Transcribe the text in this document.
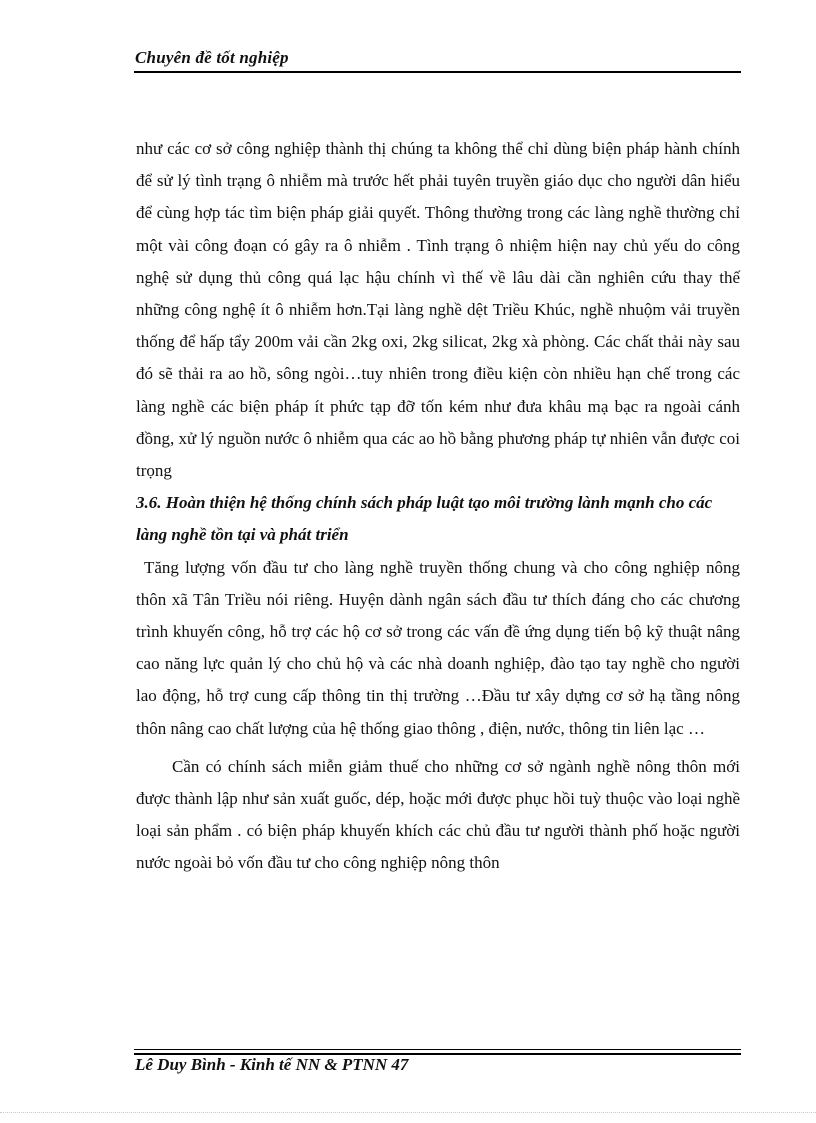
Chuyên đề tốt nghiệp

như các cơ sở công nghiệp thành thị chúng ta không thể chỉ dùng biện pháp hành chính để sử lý tình trạng ô nhiễm mà trước hết phải tuyên truyền giáo dục cho người dân hiểu để cùng hợp tác tìm biện pháp giải quyết. Thông thường trong các làng nghề thường chỉ một vài công đoạn có gây ra ô nhiễm . Tình trạng ô nhiệm hiện nay chủ yếu do công nghệ sử dụng thủ công quá lạc hậu chính vì thế về lâu dài cần nghiên cứu thay thế những công nghệ ít ô nhiễm hơn.Tại làng nghề dệt Triều Khúc, nghề nhuộm vải truyền thống để hấp tẩy 200m vải cần 2kg oxi, 2kg silicat, 2kg xà phòng. Các chất thải này sau đó sẽ thải ra ao hồ, sông ngòi…tuy nhiên trong điều kiện còn nhiều hạn chế trong các làng nghề các biện pháp ít phức tạp đỡ tốn kém như đưa khâu mạ bạc ra ngoài cánh đồng, xử lý nguồn nước ô nhiễm qua các ao hồ bằng phương pháp tự nhiên vẫn được coi trọng

3.6. Hoàn thiện hệ thống chính sách pháp luật tạo môi trường lành mạnh cho các làng nghề tồn tại và phát triển

Tăng lượng vốn đầu tư cho làng nghề truyền thống chung và cho công nghiệp nông thôn xã Tân Triều nói riêng. Huyện dành ngân sách đầu tư thích đáng cho các chương trình khuyến công, hỗ trợ các hộ cơ sở trong các vấn đề ứng dụng tiến bộ kỹ thuật nâng cao năng lực quản lý cho chủ hộ và các nhà doanh nghiệp, đào tạo tay nghề cho người lao động, hỗ trợ cung cấp thông tin thị trường …Đầu tư xây dựng cơ sở hạ tầng nông thôn nâng cao chất lượng của hệ thống giao thông , điện, nước, thông tin liên lạc …

Cần có chính sách miễn giảm thuế cho những cơ sở ngành nghề nông thôn mới được thành lập như sản xuất guốc, dép, hoặc mới được phục hồi tuỳ thuộc vào loại nghề loại sản phẩm . có biện pháp khuyến khích các chủ đầu tư người thành phố hoặc người nước ngoài bỏ vốn đầu tư cho công nghiệp nông thôn

Lê Duy Bình - Kinh tế NN & PTNN 47
